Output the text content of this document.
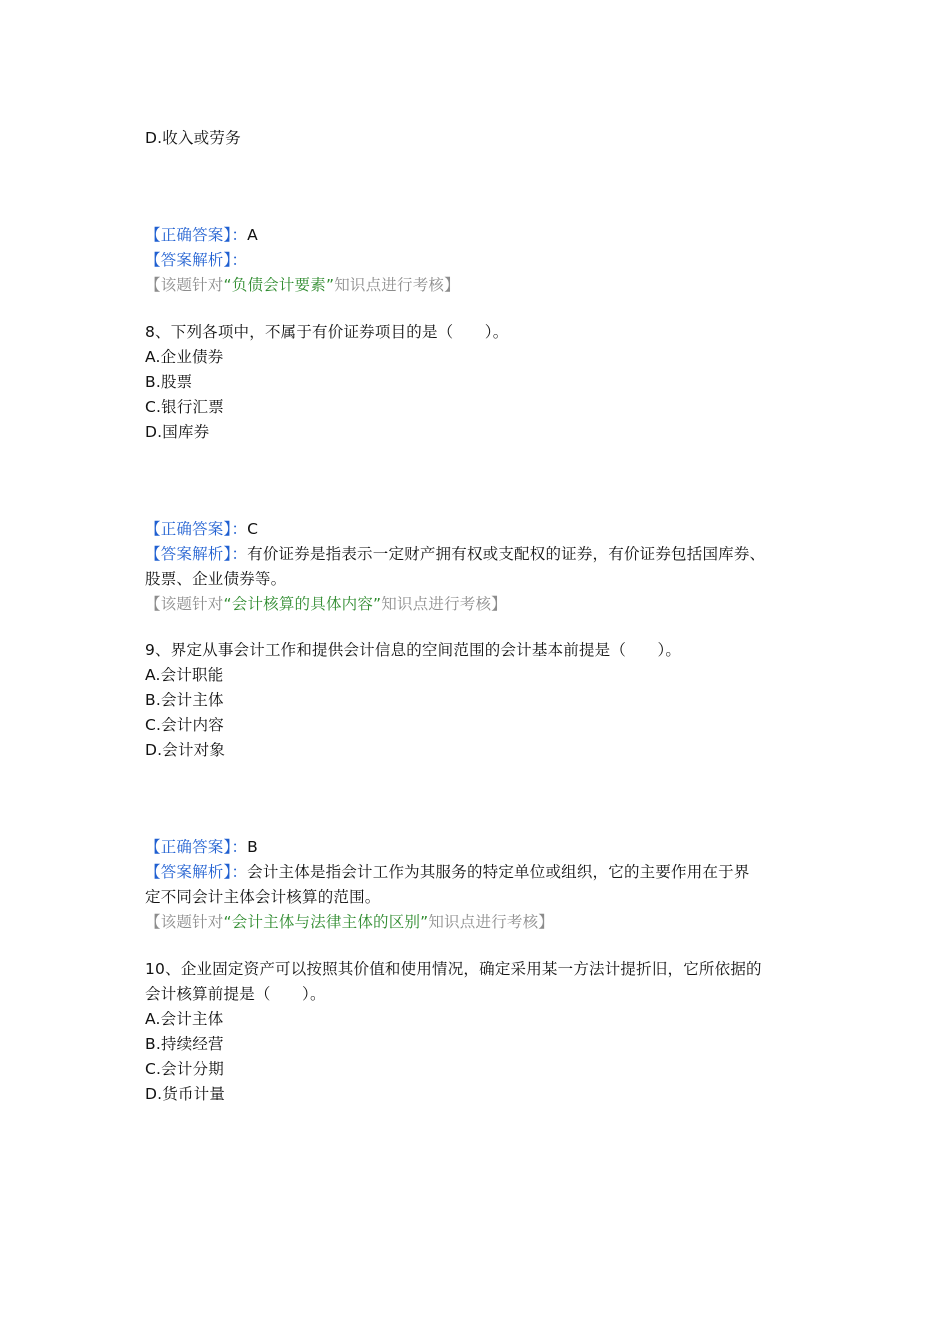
D.收入或劳务
【正确答案】：A
【答案解析】：
【该题针对“负债会计要素”知识点进行考核】
8、下列各项中，不属于有价证券项目的是（　　）。
A.企业债券
B.股票
C.银行汇票
D.国库券
【正确答案】：C
【答案解析】：有价证券是指表示一定财产拥有权或支配权的证券，有价证券包括国库券、
股票、企业债券等。
【该题针对“会计核算的具体内容”知识点进行考核】
9、界定从事会计工作和提供会计信息的空间范围的会计基本前提是（　　）。
A.会计职能
B.会计主体
C.会计内容
D.会计对象
【正确答案】：B
【答案解析】：会计主体是指会计工作为其服务的特定单位或组织，它的主要作用在于界
定不同会计主体会计核算的范围。
【该题针对“会计主体与法律主体的区别”知识点进行考核】
10、企业固定资产可以按照其价值和使用情况，确定采用某一方法计提折旧，它所依据的
会计核算前提是（　　）。
A.会计主体
B.持续经营
C.会计分期
D.货币计量
